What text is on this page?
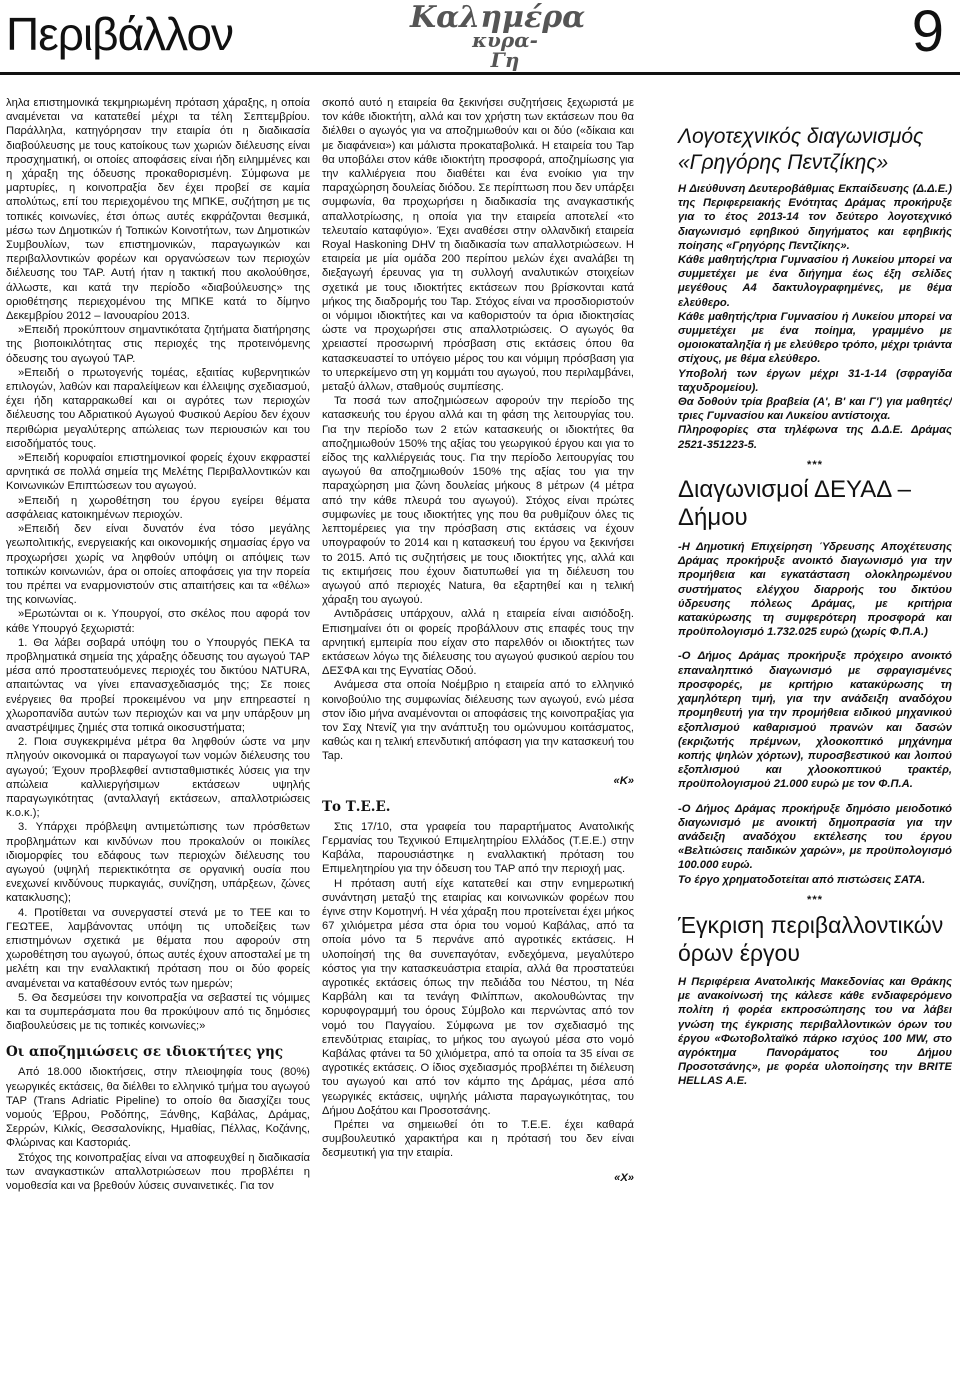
Περιβάλλον	Καλημέρα
κυρα-Γη	9

ληλα επιστημονικά τεκμηριωμένη πρόταση χάραξης, η οποία αναμένεται να κατατεθεί μέχρι τα τέλη Σεπτεμβρίου. Παράλληλα, κατηγόρησαν την εταιρία ότι η διαδικασία διαβούλευσης με τους κατοίκους των χωριών διέλευσης είναι προσχηματική, οι οποίες αποφάσεις είναι ήδη ειλημμένες και η χάραξη της όδευσης προκαθορισμένη. Σύμφωνα με μαρτυρίες, η κοινοπραξία δεν έχει προβεί σε καμία απολύτως, επί του περιεχομένου της ΜΠΚΕ, συζήτηση με τις τοπικές κοινωνίες, έτσι όπως αυτές εκφράζονται θεσμικά, μέσω των Δημοτικών ή Τοπικών Κοινοτήτων, των Δημοτικών Συμβουλίων, των επιστημονικών, παραγωγικών και περιβαλλοντικών φορέων και οργανώσεων των περιοχών διέλευσης του TAP. Αυτή ήταν η τακτική που ακολούθησε, άλλωστε, και κατά την περίοδο «διαβούλευσης» της οριοθέτησης περιεχομένου της ΜΠΚΕ κατά το δίμηνο Δεκεμβρίου 2012 – Ιανουαρίου 2013.

»Επειδή προκύπτουν σημαντικότατα ζητήματα διατήρησης της βιοποικιλότητας στις περιοχές της προτεινόμενης όδευσης του αγωγού TAP.

»Επειδή ο πρωτογενής τομέας, εξαιτίας κυβερνητικών επιλογών, λαθών και παραλείψεων και έλλειψης σχεδιασμού, έχει ήδη καταρρακωθεί και οι αγρότες των περιοχών διέλευσης του Αδριατικού Αγωγού Φυσικού Αερίου δεν έχουν περιθώρια μεγαλύτερης απώλειας των περιουσιών και του εισοδήματός τους.

»Επειδή κορυφαίοι επιστημονικοί φορείς έχουν εκφραστεί αρνητικά σε πολλά σημεία της Μελέτης Περιβαλλοντικών και Κοινωνικών Επιπτώσεων του αγωγού.

»Επειδή η χωροθέτηση του έργου εγείρει θέματα ασφάλειας κατοικημένων περιοχών.

»Επειδή δεν είναι δυνατόν ένα τόσο μεγάλης γεωπολιτικής, ενεργειακής και οικονομικής σημασίας έργο να προχωρήσει χωρίς να ληφθούν υπόψη οι απόψεις των τοπικών κοινωνιών, άρα οι οποίες αποφάσεις για την πορεία του πρέπει να εναρμονιστούν στις απαιτήσεις και τα «θέλω» της κοινωνίας.

»Ερωτώνται οι κ. Υπουργοί, στο σκέλος που αφορά τον κάθε Υπουργό ξεχωριστά:

1. Θα λάβει σοβαρά υπόψη του ο Υπουργός ΠΕΚΑ τα προβληματικά σημεία της χάραξης όδευσης του αγωγού TAP μέσα από προστατευόμενες περιοχές του δικτύου NATURA, απαιτώντας να γίνει επανασχεδιασμός της; Σε ποιες ενέργειες θα προβεί προκειμένου να μην επηρεαστεί η χλωροπανίδα αυτών των περιοχών και να μην υπάρξουν μη αναστρέψιμες ζημιές στα τοπικά οικοσυστήματα;

2. Ποια συγκεκριμένα μέτρα θα ληφθούν ώστε να μην πληγούν οικονομικά οι παραγωγοί των νομών διέλευσης του αγωγού; Έχουν προβλεφθεί αντισταθμιστικές λύσεις για την απώλεια καλλιεργήσιμων εκτάσεων υψηλής παραγωγικότητας (ανταλλαγή εκτάσεων, απαλλοτριώσεις κ.ο.κ.);

3. Υπάρχει πρόβλεψη αντιμετώπισης των πρόσθετων προβλημάτων και κινδύνων που προκαλούν οι ποικίλες ιδιομορφίες του εδάφους των περιοχών διέλευσης του αγωγού (υψηλή περιεκτικότητα σε οργανική ουσία που ενεχωνεί κινδύνους πυρκαγιάς, συνίζηση, υπάρξεων, ζώνες κατακλυσης);

4. Προτίθεται να συνεργαστεί στενά με το ΤΕΕ και το ΓΕΩΤΕΕ, λαμβάνοντας υπόψη τις υποδείξεις των επιστημόνων σχετικά με θέματα που αφορούν στη χωροθέτηση του αγωγού, όπως αυτές έχουν αποσταλεί με τη μελέτη και την εναλλακτική πρόταση που οι δύο φορείς αναμένεται να καταθέσουν εντός των ημερών;

5. Θα δεσμεύσει την κοινοπραξία να σεβαστεί τις νόμιμες και τα συμπεράσματα που θα προκύψουν από τις δημόσιες διαβουλεύσεις με τις τοπικές κοινωνίες;»

Οι αποζημιώσεις σε ιδιοκτήτες γης

Από 18.000 ιδιοκτήσεις, στην πλειοψηφία τους (80%) γεωργικές εκτάσεις, θα διέλθει το ελληνικό τμήμα του αγωγού TAP (Trans Adriatic Pipeline) το οποίο θα διασχίζει τους νομούς Έβρου, Ροδόπης, Ξάνθης, Καβάλας, Δράμας, Σερρών, Κιλκίς, Θεσσαλονίκης, Ημαθίας, Πέλλας, Κοζάνης, Φλώρινας και Καστοριάς.

Στόχος της κοινοπραξίας είναι να αποφευχθεί η διαδικασία των αναγκαστικών απαλλοτριώσεων που προβλέπει η νομοθεσία και να βρεθούν λύσεις συναινετικές. Για τον

σκοπό αυτό η εταιρεία θα ξεκινήσει συζητήσεις ξεχωριστά με τον κάθε ιδιοκτήτη, αλλά και τον χρήστη των εκτάσεων που θα διέλθει ο αγωγός για να αποζημιωθούν και οι δύο («δίκαια και με διαφάνεια») και μάλιστα προκαταβολικά. Η εταιρεία του Tap θα υποβάλει στον κάθε ιδιοκτήτη προσφορά, αποζημίωσης για την καλλιέργεια που διαθέτει και ένα ενοίκιο για την παραχώρηση δουλείας διόδου. Σε περίπτωση που δεν υπάρξει συμφωνία, θα προχωρήσει η διαδικασία της αναγκαστικής απαλλοτρίωσης, η οποία για την εταιρεία αποτελεί «το τελευταίο καταφύγιο». Έχει αναθέσει στην ολλανδική εταιρεία Royal Haskoning DHV τη διαδικασία των απαλλοτριώσεων. Η εταιρεία με μία ομάδα 200 περίπου μελών έχει αναλάβει τη διεξαγωγή έρευνας για τη συλλογή αναλυτικών στοιχείων σχετικά με τους ιδιοκτήτες εκτάσεων που βρίσκονται κατά μήκος της διαδρομής του Tap. Στόχος είναι να προσδιοριστούν οι νόμιμοι ιδιοκτήτες και να καθοριστούν τα όρια ιδιοκτησίας ώστε να προχωρήσει στις απαλλοτριώσεις. Ο αγωγός θα χρειαστεί προσωρινή πρόσβαση στις εκτάσεις όπου θα κατασκευαστεί το υπόγειο μέρος του και νόμιμη πρόσβαση για το υπερκείμενο στη γη κομμάτι του αγωγού, που περιλαμβάνει, μεταξύ άλλων, σταθμούς συμπίεσης.

Τα ποσά των αποζημιώσεων αφορούν την περίοδο της κατασκευής του έργου αλλά και τη φάση της λειτουργίας του. Για την περίοδο των 2 ετών κατασκευής οι ιδιοκτήτες θα αποζημιωθούν 150% της αξίας του γεωργικού έργου και για το είδος της καλλιέργειάς τους. Για την περίοδο λειτουργίας του αγωγού θα αποζημιωθούν 150% της αξίας του για την παραχώρηση μια ζώνη δουλείας μήκους 8 μέτρων (4 μέτρα από την κάθε πλευρά του αγωγού). Στόχος είναι πρώτες συμφωνίες με τους ιδιοκτήτες γης που θα ρυθμίζουν όλες τις λεπτομέρειες για την πρόσβαση στις εκτάσεις να έχουν υπογραφούν το 2014 και η κατασκευή του έργου να ξεκινήσει το 2015. Από τις συζητήσεις με τους ιδιοκτήτες γης, αλλά και τις εκτιμήσεις που έχουν διατυπωθεί για τη διέλευση του αγωγού από περιοχές Natura, θα εξαρτηθεί και η τελική χάραξη του αγωγού.

Αντιδράσεις υπάρχουν, αλλά η εταιρεία είναι αισιόδοξη. Επισημαίνει ότι οι φορείς προβάλλουν στις επαφές τους την αρνητική εμπειρία που είχαν στο παρελθόν οι ιδιοκτήτες των εκτάσεων λόγω της διέλευσης του αγωγού φυσικού αερίου του ΔΕΣΦΑ και της Εγνατίας Οδού.

Ανάμεσα στα οποία Νοέμβριο η εταιρεία από το ελληνικό κοινοβούλιο της συμφωνίας διέλευσης των αγωγού, ενώ μέσα στον ίδιο μήνα αναμένονται οι αποφάσεις της κοινοπραξίας για τον Σαχ Ντενίζ για την ανάπτυξη του ομώνυμου κοιτάσματος, καθώς και η τελική επενδυτική απόφαση για την κατασκευή του Tap.

«Κ»

Το Τ.Ε.Ε.

Στις 17/10, στα γραφεία του παραρτήματος Ανατολικής Γερμανίας του Τεχνικού Επιμελητηρίου Ελλάδος (Τ.Ε.Ε.) στην Καβάλα, παρουσιάστηκε η εναλλακτική πρόταση του Επιμελητηρίου για την όδευση του TAP από την περιοχή μας.

Η πρόταση αυτή είχε κατατεθεί και στην ενημερωτική συνάντηση μεταξύ της εταιρίας και κοινωνικών φορέων που έγινε στην Κομοτηνή. Η νέα χάραξη που προτείνεται έχει μήκος 67 χιλιόμετρα μέσα στα όρια του νομού Καβάλας, από τα οποία μόνο τα 5 περνάνε από αγροτικές εκτάσεις. Η υλοποίησή της θα συνεπαγόταν, ενδεχόμενα, μεγαλύτερο κόστος για την κατασκευάστρια εταιρία, αλλά θα προστατεύει αγροτικές εκτάσεις όπως την πεδιάδα του Νέστου, τη Νέα Καρβάλη και τα τενάγη Φιλίππων, ακολουθώντας την κορυφογραμμή του όρους Σύμβολο και περνώντας από τον νομό του Παγγαίου. Σύμφωνα με τον σχεδιασμό της επενδύτριας εταιρίας, το μήκος του αγωγού μέσα στο νομό Καβάλας φτάνει τα 50 χιλιόμετρα, από τα οποία τα 35 είναι σε αγροτικές εκτάσεις. Ο ίδιος σχεδιασμός προβλέπει τη διέλευση του αγωγού και από τον κάμπο της Δράμας, μέσα από γεωργικές εκτάσεις, υψηλής μάλιστα παραγωγικότητας, του Δήμου Δοξάτου και Προσοτσάνης.

Πρέπει να σημειωθεί ότι το Τ.Ε.Ε. έχει καθαρά συμβουλευτικό χαρακτήρα και η πρότασή του δεν είναι δεσμευτική για την εταιρία.

«Χ»

Λογοτεχνικός διαγωνισμός «Γρηγόρης Πεντζίκης»

Η Διεύθυνση Δευτεροβάθμιας Εκπαίδευσης (Δ.Δ.Ε.) της Περιφερειακής Ενότητας Δράμας προκήρυξε για το έτος 2013-14 τον δεύτερο λογοτεχνικό διαγωνισμό εφηβικού διηγήματος και εφηβικής ποίησης «Γρηγόρης Πεντζίκης».

Κάθε μαθητής/τρια Γυμνασίου ή Λυκείου μπορεί να συμμετέχει με ένα διήγημα έως έξη σελίδες μεγέθους Α4 δακτυλογραφημένες, με θέμα ελεύθερο.

Κάθε μαθητής/τρια Γυμνασίου ή Λυκείου μπορεί να συμμετέχει με ένα ποίημα, γραμμένο με ομοιοκαταληξία ή με ελεύθερο τρόπο, μέχρι τριάντα στίχους, με θέμα ελεύθερο.

Υποβολή των έργων μέχρι 31-1-14 (σφραγίδα ταχυδρομείου).

Θα δοθούν τρία βραβεία (Α', Β' και Γ') για μαθητές/τριες Γυμνασίου και Λυκείου αντίστοιχα.

Πληροφορίες στα τηλέφωνα της Δ.Δ.Ε. Δράμας 2521-351223-5.

***

Διαγωνισμοί ΔΕΥΑΔ – Δήμου

-Η Δημοτική Επιχείρηση Ύδρευσης Αποχέτευσης Δράμας προκήρυξε ανοικτό διαγωνισμό για την προμήθεια και εγκατάσταση ολοκληρωμένου συστήματος ελέγχου διαρροής του δικτύου ύδρευσης πόλεως Δράμας, με κριτήρια κατακύρωσης τη συμφερότερη προσφορά και προϋπολογισμό 1.732.025 ευρώ (χωρίς Φ.Π.Α.)

-Ο Δήμος Δράμας προκήρυξε πρόχειρο ανοικτό επαναληπτικό διαγωνισμό με σφραγισμένες προσφορές, με κριτήριο κατακύρωσης τη χαμηλότερη τιμή, για την ανάδειξη αναδόχου προμηθευτή για την προμήθεια ειδικού μηχανικού εξοπλισμού καθαρισμού πρανών και δασών (εκριζωτής πρέμνων, χλοοκοπτικό μηχάνημα κοπής ψηλών χόρτων), πυροσβεστικού και λοιπού εξοπλισμού και χλοοκοπτικού τρακτέρ, προϋπολογισμού 21.000 ευρώ με τον Φ.Π.Α.

-Ο Δήμος Δράμας προκήρυξε δημόσιο μειοδοτικό διαγωνισμό με ανοικτή δημοπρασία για την ανάδειξη αναδόχου εκτέλεσης του έργου «Βελτιώσεις παιδικών χαρών», με προϋπολογισμό 100.000 ευρώ.

Το έργο χρηματοδοτείται από πιστώσεις ΣΑΤΑ.

***

Έγκριση περιβαλλοντικών όρων έργου

Η Περιφέρεια Ανατολικής Μακεδονίας και Θράκης με ανακοίνωσή της κάλεσε κάθε ενδιαφερόμενο πολίτη ή φορέα εκπροσώπησης του να λάβει γνώση της έγκρισης περιβαλλοντικών όρων του έργου «Φωτοβολταϊκό πάρκο ισχύος 100 MW, στο αγρόκτημα Πανοράματος του Δήμου Προσοτσάνης», με φορέα υλοποίησης την BRITE HELLAS A.E.
